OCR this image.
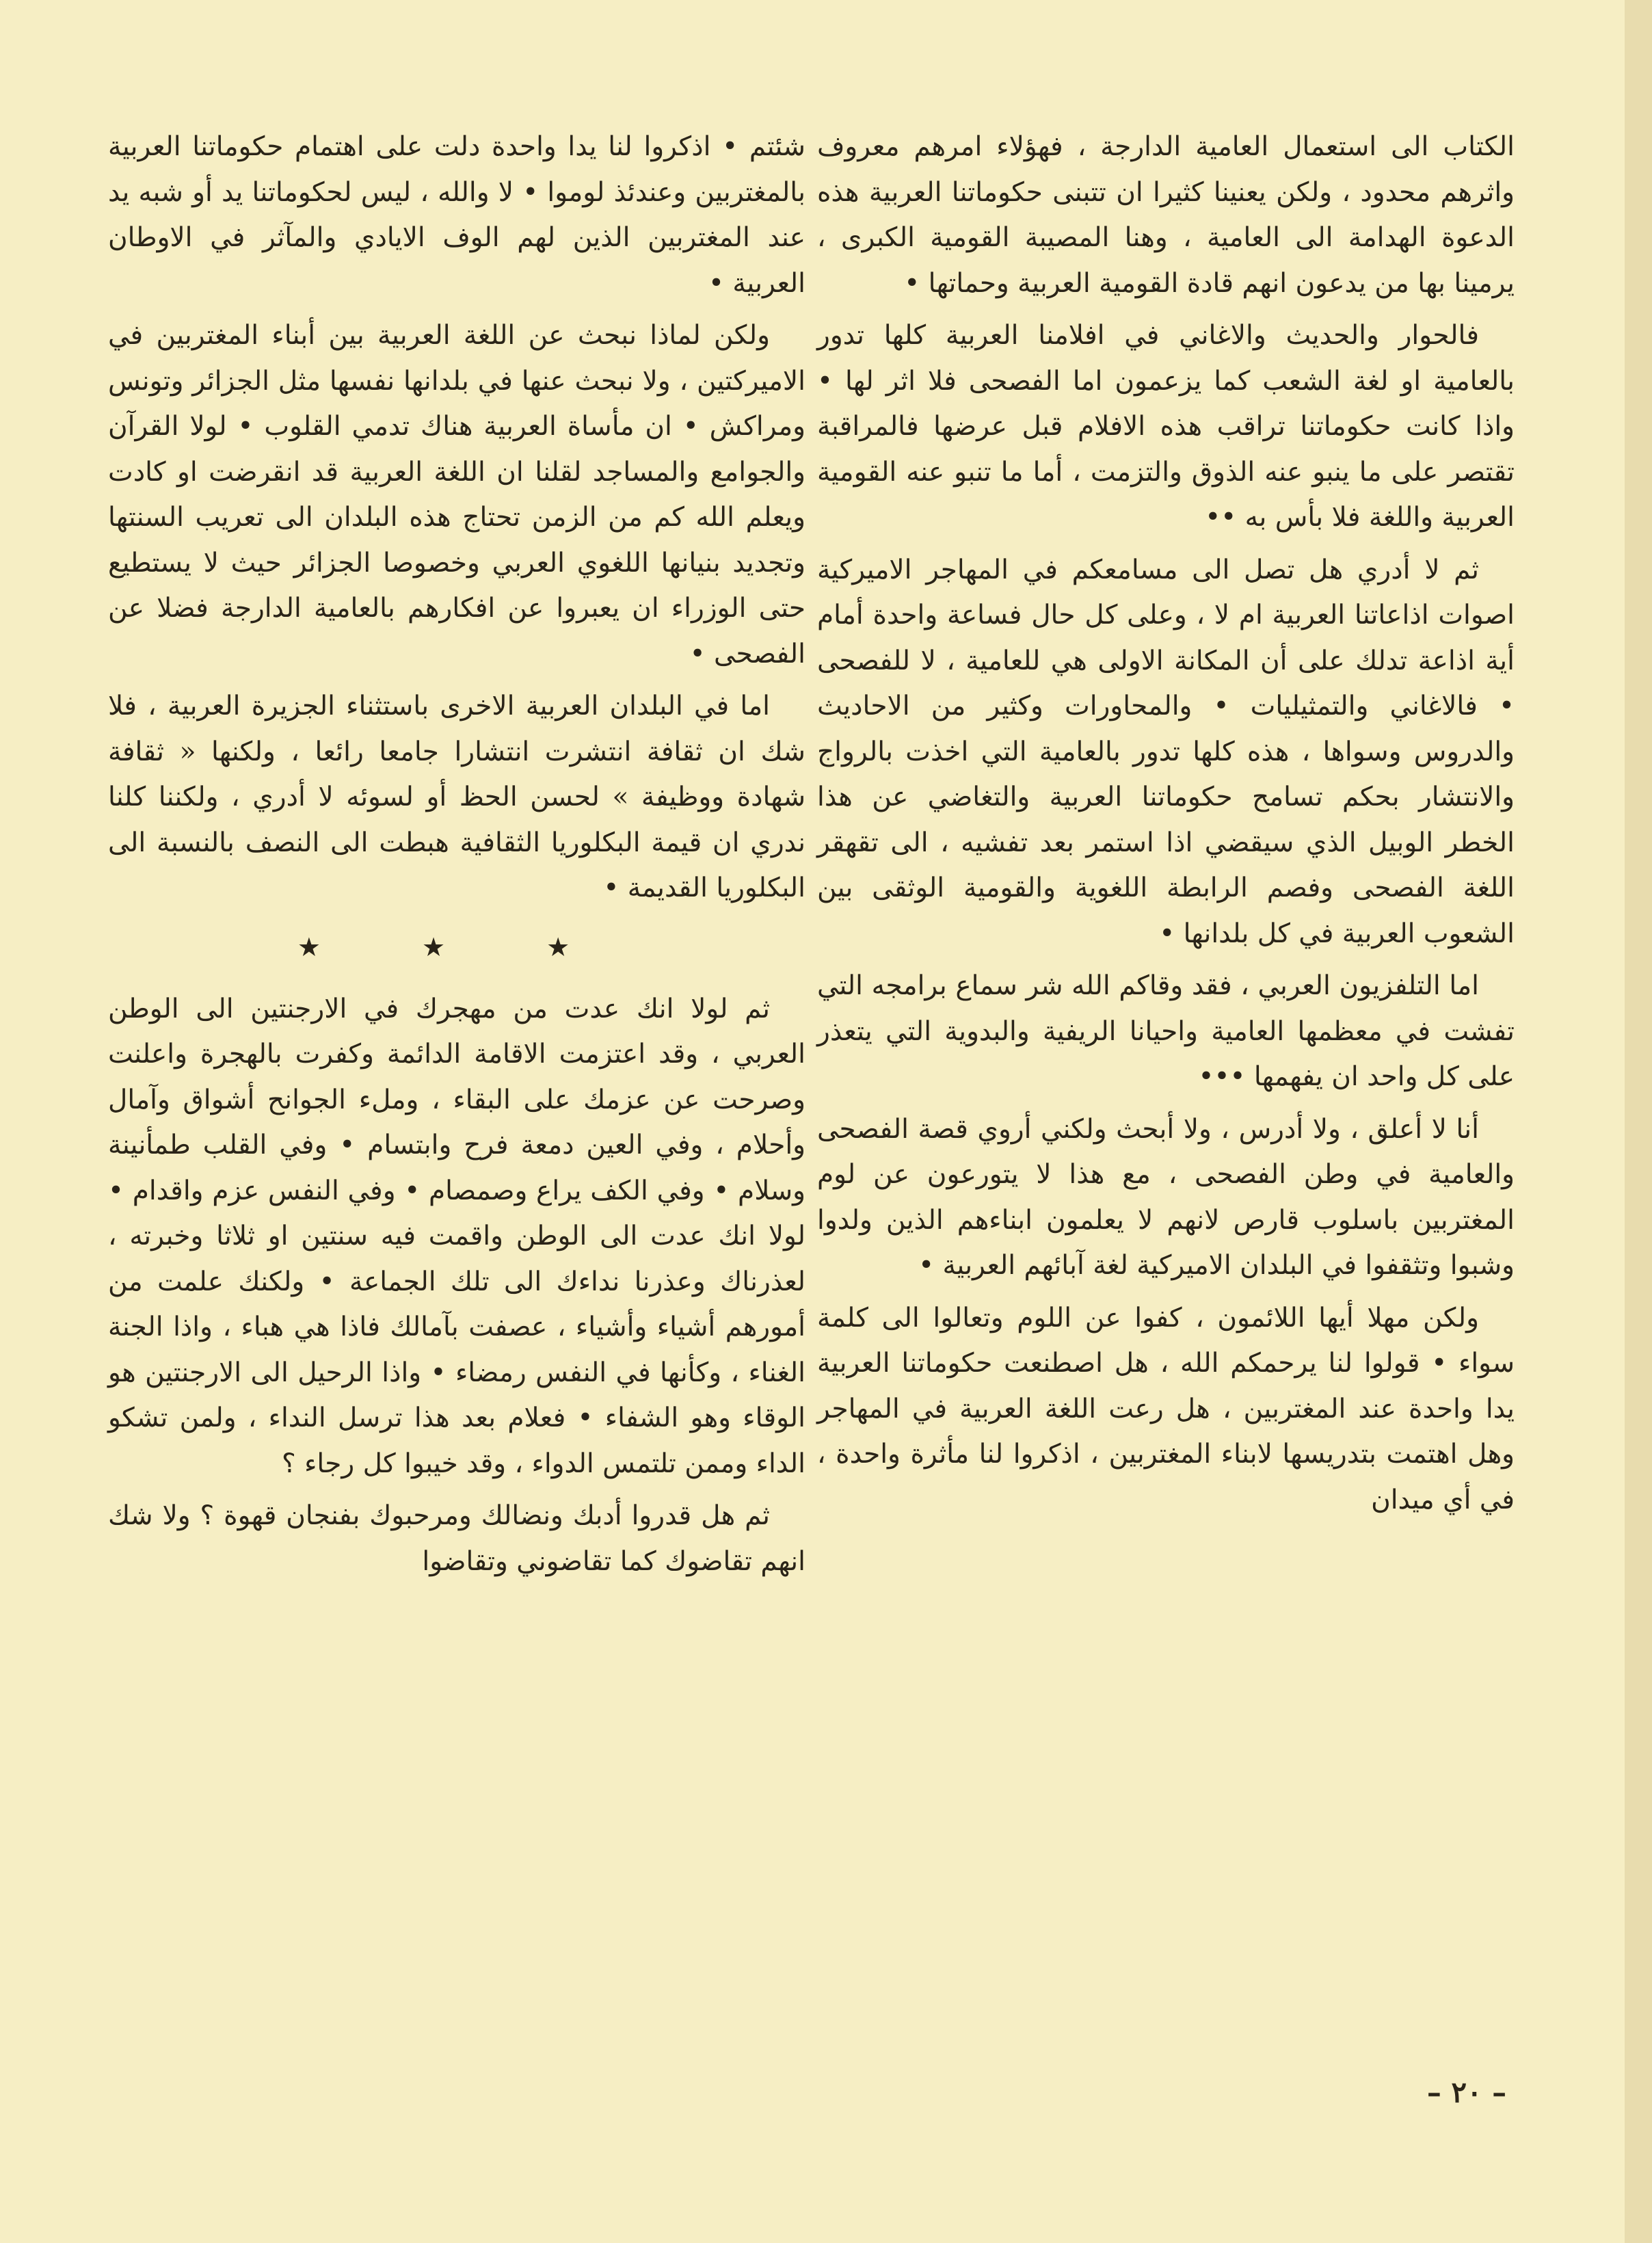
الكتاب الى استعمال العامية الدارجة ، فهؤلاء امرهم معروف واثرهم محدود ، ولكن يعنينا كثيرا ان تتبنى حكوماتنا العربية هذه الدعوة الهدامة الى العامية ، وهنا المصيبة القومية الكبرى ، يرمينا بها من يدعون انهم قادة القومية العربية وحماتها •

فالحوار والحديث والاغاني في افلامنا العربية كلها تدور بالعامية او لغة الشعب كما يزعمون اما الفصحى فلا اثر لها • واذا كانت حكوماتنا تراقب هذه الافلام قبل عرضها فالمراقبة تقتصر على ما ينبو عنه الذوق والتزمت ، أما ما تنبو عنه القومية العربية واللغة فلا بأس به ••

ثم لا أدري هل تصل الى مسامعكم في المهاجر الاميركية اصوات اذاعاتنا العربية ام لا ، وعلى كل حال فساعة واحدة أمام أية اذاعة تدلك على أن المكانة الاولى هي للعامية ، لا للفصحى • فالاغاني والتمثيليات • والمحاورات وكثير من الاحاديث والدروس وسواها ، هذه كلها تدور بالعامية التي اخذت بالرواج والانتشار بحكم تسامح حكوماتنا العربية والتغاضي عن هذا الخطر الوبيل الذي سيقضي اذا استمر بعد تفشيه ، الى تقهقر اللغة الفصحى وفصم الرابطة اللغوية والقومية الوثقى بين الشعوب العربية في كل بلدانها •

اما التلفزيون العربي ، فقد وقاكم الله شر سماع برامجه التي تفشت في معظمها العامية واحيانا الريفية والبدوية التي يتعذر على كل واحد ان يفهمها •••

أنا لا أعلق ، ولا أدرس ، ولا أبحث ولكني أروي قصة الفصحى والعامية في وطن الفصحى ، مع هذا لا يتورعون عن لوم المغتربين باسلوب قارص لانهم لا يعلمون ابناءهم الذين ولدوا وشبوا وتثقفوا في البلدان الاميركية لغة آبائهم العربية •

ولكن مهلا أيها اللائمون ، كفوا عن اللوم وتعالوا الى كلمة سواء • قولوا لنا يرحمكم الله ، هل اصطنعت حكوماتنا العربية يدا واحدة عند المغتربين ، هل رعت اللغة العربية في المهاجر وهل اهتمت بتدريسها لابناء المغتربين ، اذكروا لنا مأثرة واحدة ، في أي ميدان

شئتم • اذكروا لنا يدا واحدة دلت على اهتمام حكوماتنا العربية بالمغتربين وعندئذ لوموا • لا والله ، ليس لحكوماتنا يد أو شبه يد عند المغتربين الذين لهم الوف الايادي والمآثر في الاوطان العربية •

ولكن لماذا نبحث عن اللغة العربية بين أبناء المغتربين في الاميركتين ، ولا نبحث عنها في بلدانها نفسها مثل الجزائر وتونس ومراكش • ان مأساة العربية هناك تدمي القلوب • لولا القرآن والجوامع والمساجد لقلنا ان اللغة العربية قد انقرضت او كادت ويعلم الله كم من الزمن تحتاج هذه البلدان الى تعريب السنتها وتجديد بنيانها اللغوي العربي وخصوصا الجزائر حيث لا يستطيع حتى الوزراء ان يعبروا عن افكارهم بالعامية الدارجة فضلا عن الفصحى •

اما في البلدان العربية الاخرى باستثناء الجزيرة العربية ، فلا شك ان ثقافة انتشرت انتشارا جامعا رائعا ، ولكنها « ثقافة شهادة ووظيفة » لحسن الحظ أو لسوئه لا أدري ، ولكننا كلنا ندري ان قيمة البكلوريا الثقافية هبطت الى النصف بالنسبة الى البكلوريا القديمة •

★ ★ ★

ثم لولا انك عدت من مهجرك في الارجنتين الى الوطن العربي ، وقد اعتزمت الاقامة الدائمة وكفرت بالهجرة واعلنت وصرحت عن عزمك على البقاء ، وملء الجوانح أشواق وآمال وأحلام ، وفي العين دمعة فرح وابتسام • وفي القلب طمأنينة وسلام • وفي الكف يراع وصمصام • وفي النفس عزم واقدام • لولا انك عدت الى الوطن واقمت فيه سنتين او ثلاثا وخبرته ، لعذرناك وعذرنا نداءك الى تلك الجماعة • ولكنك علمت من أمورهم أشياء وأشياء ، عصفت بآمالك فاذا هي هباء ، واذا الجنة الغناء ، وكأنها في النفس رمضاء • واذا الرحيل الى الارجنتين هو الوقاء وهو الشفاء • فعلام بعد هذا ترسل النداء ، ولمن تشكو الداء وممن تلتمس الدواء ، وقد خيبوا كل رجاء ؟

ثم هل قدروا أدبك ونضالك ومرحبوك بفنجان قهوة ؟ ولا شك انهم تقاضوك كما تقاضوني وتقاضوا

– ٢٠ –
